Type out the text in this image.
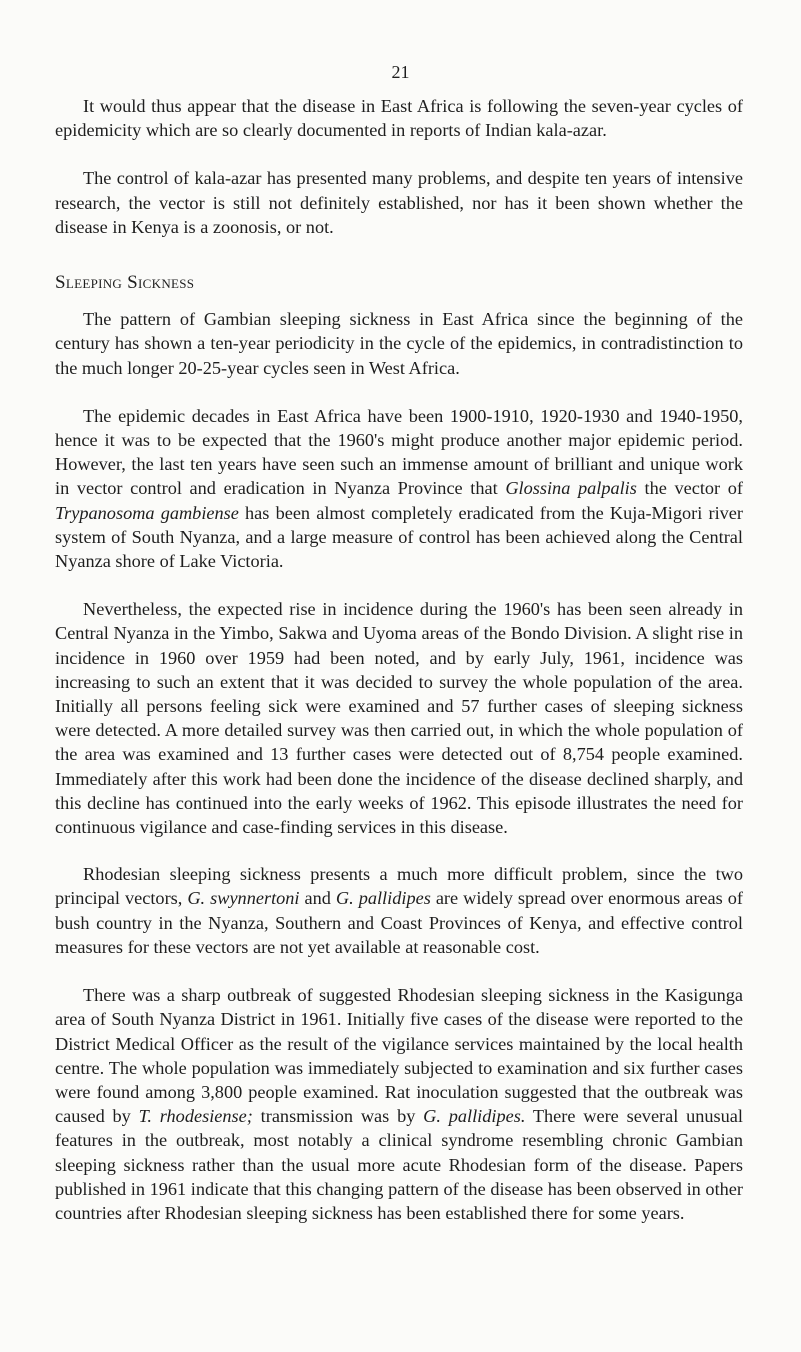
21

It would thus appear that the disease in East Africa is following the seven-year cycles of epidemicity which are so clearly documented in reports of Indian kala-azar.

The control of kala-azar has presented many problems, and despite ten years of intensive research, the vector is still not definitely established, nor has it been shown whether the disease in Kenya is a zoonosis, or not.

Sleeping Sickness

The pattern of Gambian sleeping sickness in East Africa since the beginning of the century has shown a ten-year periodicity in the cycle of the epidemics, in contradistinction to the much longer 20-25-year cycles seen in West Africa.

The epidemic decades in East Africa have been 1900-1910, 1920-1930 and 1940-1950, hence it was to be expected that the 1960's might produce another major epidemic period. However, the last ten years have seen such an immense amount of brilliant and unique work in vector control and eradication in Nyanza Province that Glossina palpalis the vector of Trypanosoma gambiense has been almost completely eradicated from the Kuja-Migori river system of South Nyanza, and a large measure of control has been achieved along the Central Nyanza shore of Lake Victoria.

Nevertheless, the expected rise in incidence during the 1960's has been seen already in Central Nyanza in the Yimbo, Sakwa and Uyoma areas of the Bondo Division. A slight rise in incidence in 1960 over 1959 had been noted, and by early July, 1961, incidence was increasing to such an extent that it was decided to survey the whole population of the area. Initially all persons feeling sick were examined and 57 further cases of sleeping sickness were detected. A more detailed survey was then carried out, in which the whole population of the area was examined and 13 further cases were detected out of 8,754 people examined. Immediately after this work had been done the incidence of the disease declined sharply, and this decline has continued into the early weeks of 1962. This episode illustrates the need for continuous vigilance and case-finding services in this disease.

Rhodesian sleeping sickness presents a much more difficult problem, since the two principal vectors, G. swynnertoni and G. pallidipes are widely spread over enormous areas of bush country in the Nyanza, Southern and Coast Provinces of Kenya, and effective control measures for these vectors are not yet available at reasonable cost.

There was a sharp outbreak of suggested Rhodesian sleeping sickness in the Kasigunga area of South Nyanza District in 1961. Initially five cases of the disease were reported to the District Medical Officer as the result of the vigilance services maintained by the local health centre. The whole population was immediately subjected to examination and six further cases were found among 3,800 people examined. Rat inoculation suggested that the outbreak was caused by T. rhodesiense; transmission was by G. pallidipes. There were several unusual features in the outbreak, most notably a clinical syndrome resembling chronic Gambian sleeping sickness rather than the usual more acute Rhodesian form of the disease. Papers published in 1961 indicate that this changing pattern of the disease has been observed in other countries after Rhodesian sleeping sickness has been established there for some years.
